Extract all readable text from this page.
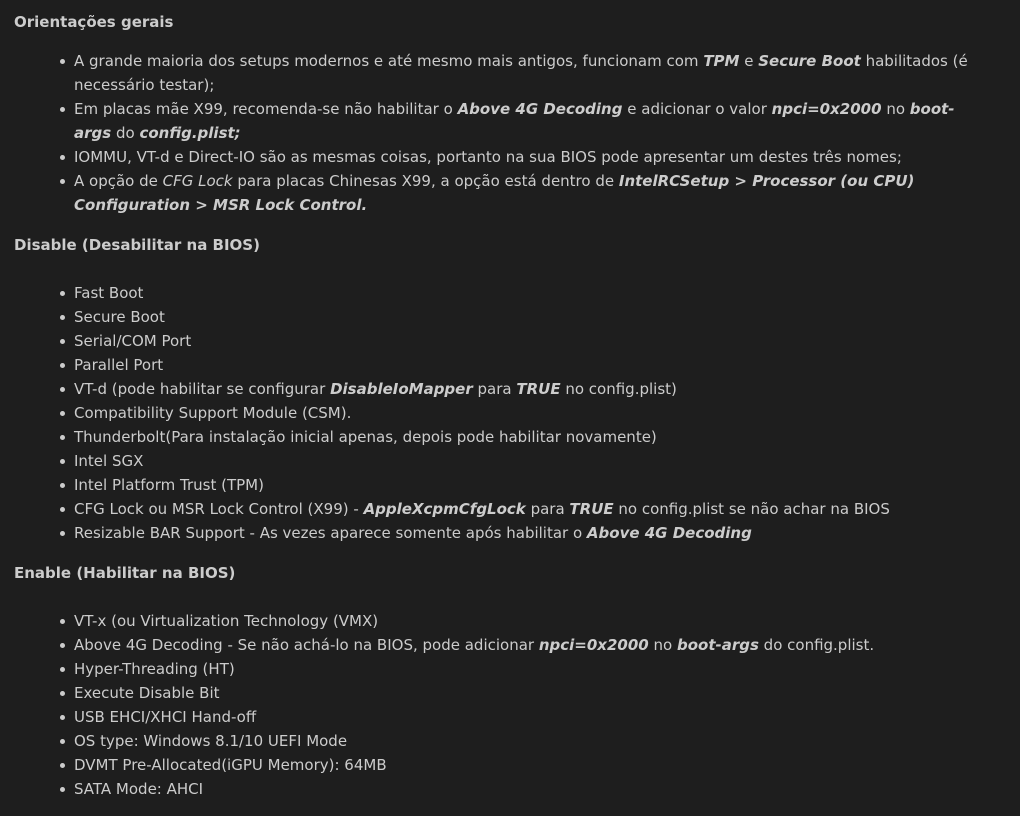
Orientações gerais
A grande maioria dos setups modernos e até mesmo mais antigos, funcionam com TPM e Secure Boot habilitados (é necessário testar);
Em placas mãe X99, recomenda-se não habilitar o Above 4G Decoding e adicionar o valor npci=0x2000 no boot-args do config.plist;
IOMMU, VT-d e Direct-IO são as mesmas coisas, portanto na sua BIOS pode apresentar um destes três nomes;
A opção de CFG Lock para placas Chinesas X99, a opção está dentro de IntelRCSetup > Processor (ou CPU) Configuration > MSR Lock Control.
Disable (Desabilitar na BIOS)
Fast Boot
Secure Boot
Serial/COM Port
Parallel Port
VT-d (pode habilitar se configurar DisableIoMapper para TRUE no config.plist)
Compatibility Support Module (CSM).
Thunderbolt(Para instalação inicial apenas, depois pode habilitar novamente)
Intel SGX
Intel Platform Trust (TPM)
CFG Lock ou MSR Lock Control (X99) - AppleXcpmCfgLock para TRUE no config.plist se não achar na BIOS
Resizable BAR Support - As vezes aparece somente após habilitar o Above 4G Decoding
Enable (Habilitar na BIOS)
VT-x (ou Virtualization Technology (VMX)
Above 4G Decoding - Se não achá-lo na BIOS, pode adicionar npci=0x2000 no boot-args do config.plist.
Hyper-Threading (HT)
Execute Disable Bit
USB EHCI/XHCI Hand-off
OS type: Windows 8.1/10 UEFI Mode
DVMT Pre-Allocated(iGPU Memory): 64MB
SATA Mode: AHCI
